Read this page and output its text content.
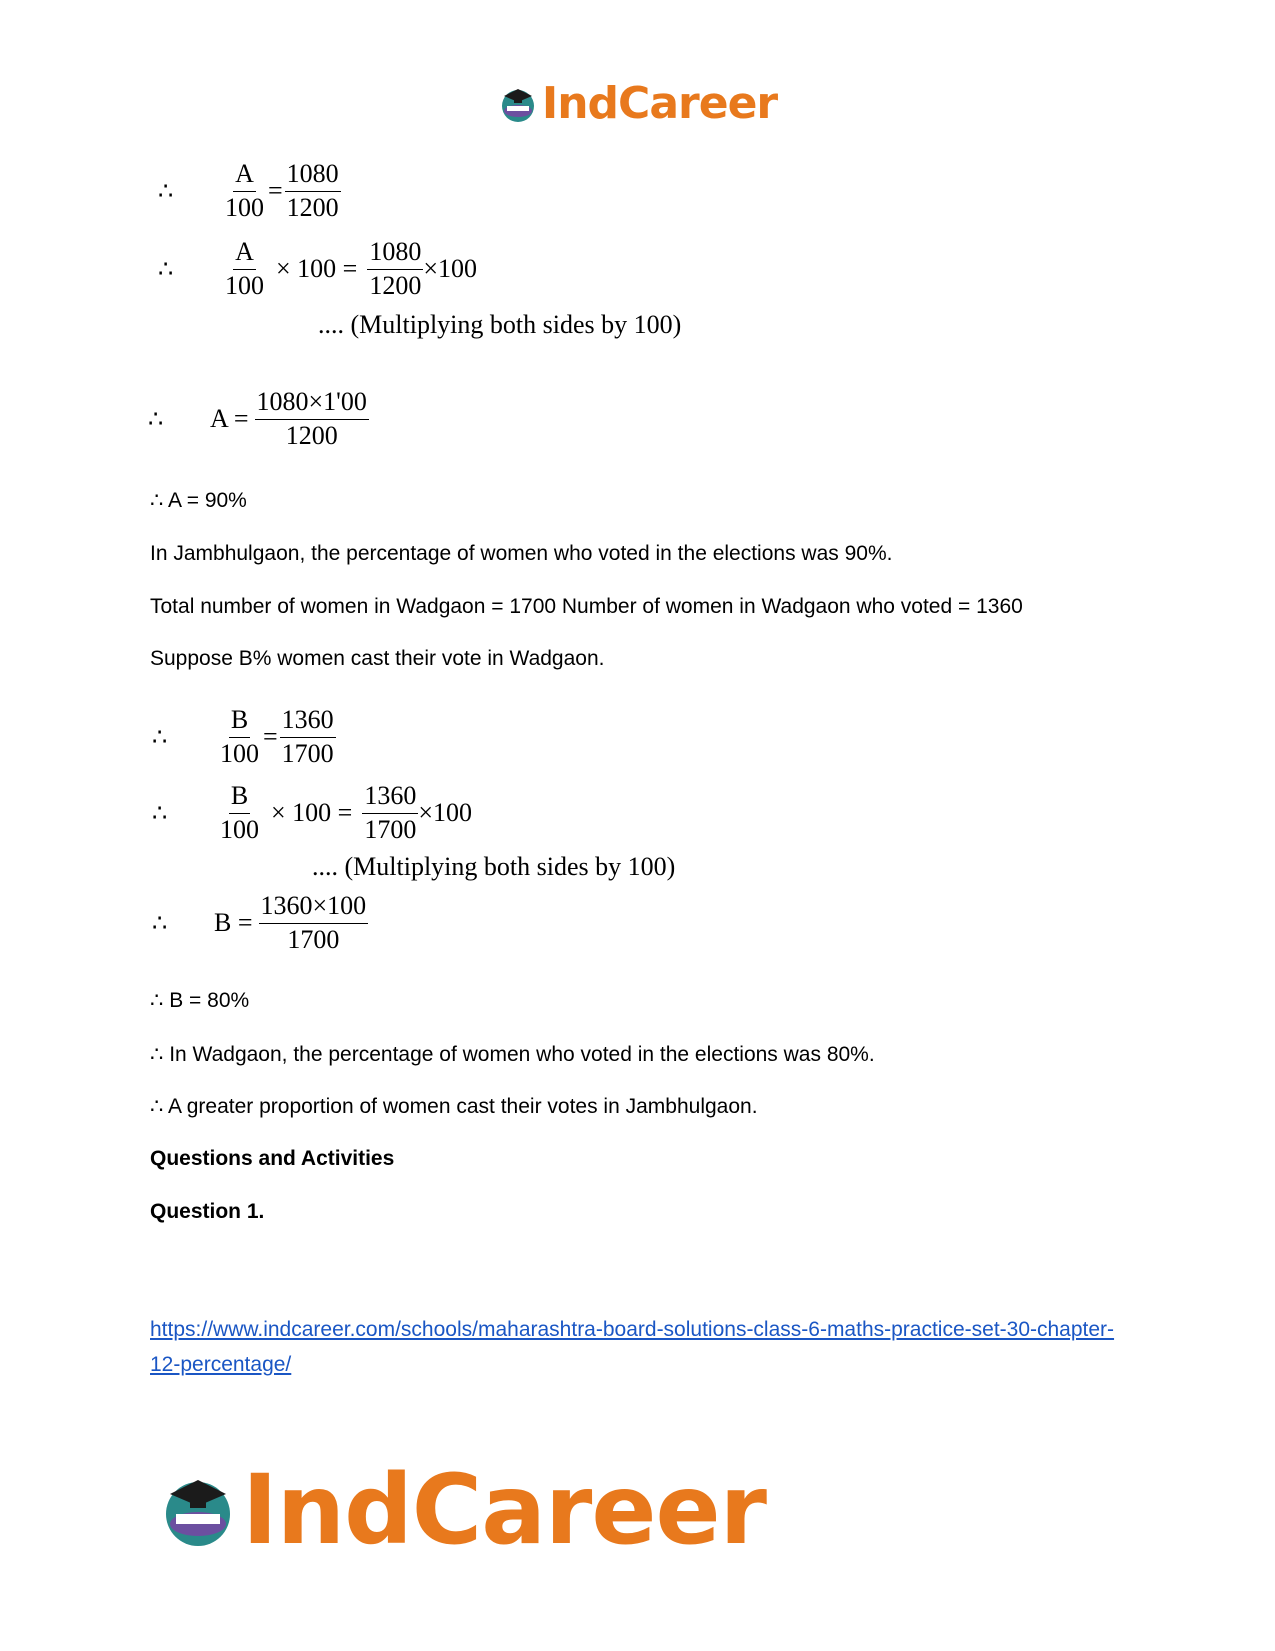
IndCareer
∴	$\frac{A}{100} = \frac{1080}{1200}$
∴	$\frac{A}{100} \times 100 = \frac{1080}{1200} \times 100$
.... (Multiplying both sides by 100)
∴	$A = \frac{1080\times 1'00}{1200}$
∴ A = 90%
In Jambhulgaon, the percentage of women who voted in the elections was 90%.
Total number of women in Wadgaon = 1700 Number of women in Wadgaon who voted = 1360
Suppose B% women cast their vote in Wadgaon.
∴	$\frac{B}{100} = \frac{1360}{1700}$
∴	$\frac{B}{100} \times 100 = \frac{1360}{1700} \times 100$
.... (Multiplying both sides by 100)
∴	$B = \frac{1360\times 100}{1700}$
∴ B = 80%
∴ In Wadgaon, the percentage of women who voted in the elections was 80%.
∴ A greater proportion of women cast their votes in Jambhulgaon.
Questions and Activities
Question 1.
https://www.indcareer.com/schools/maharashtra-board-solutions-class-6-maths-practice-set-30-chapter-12-percentage/
IndCareer
